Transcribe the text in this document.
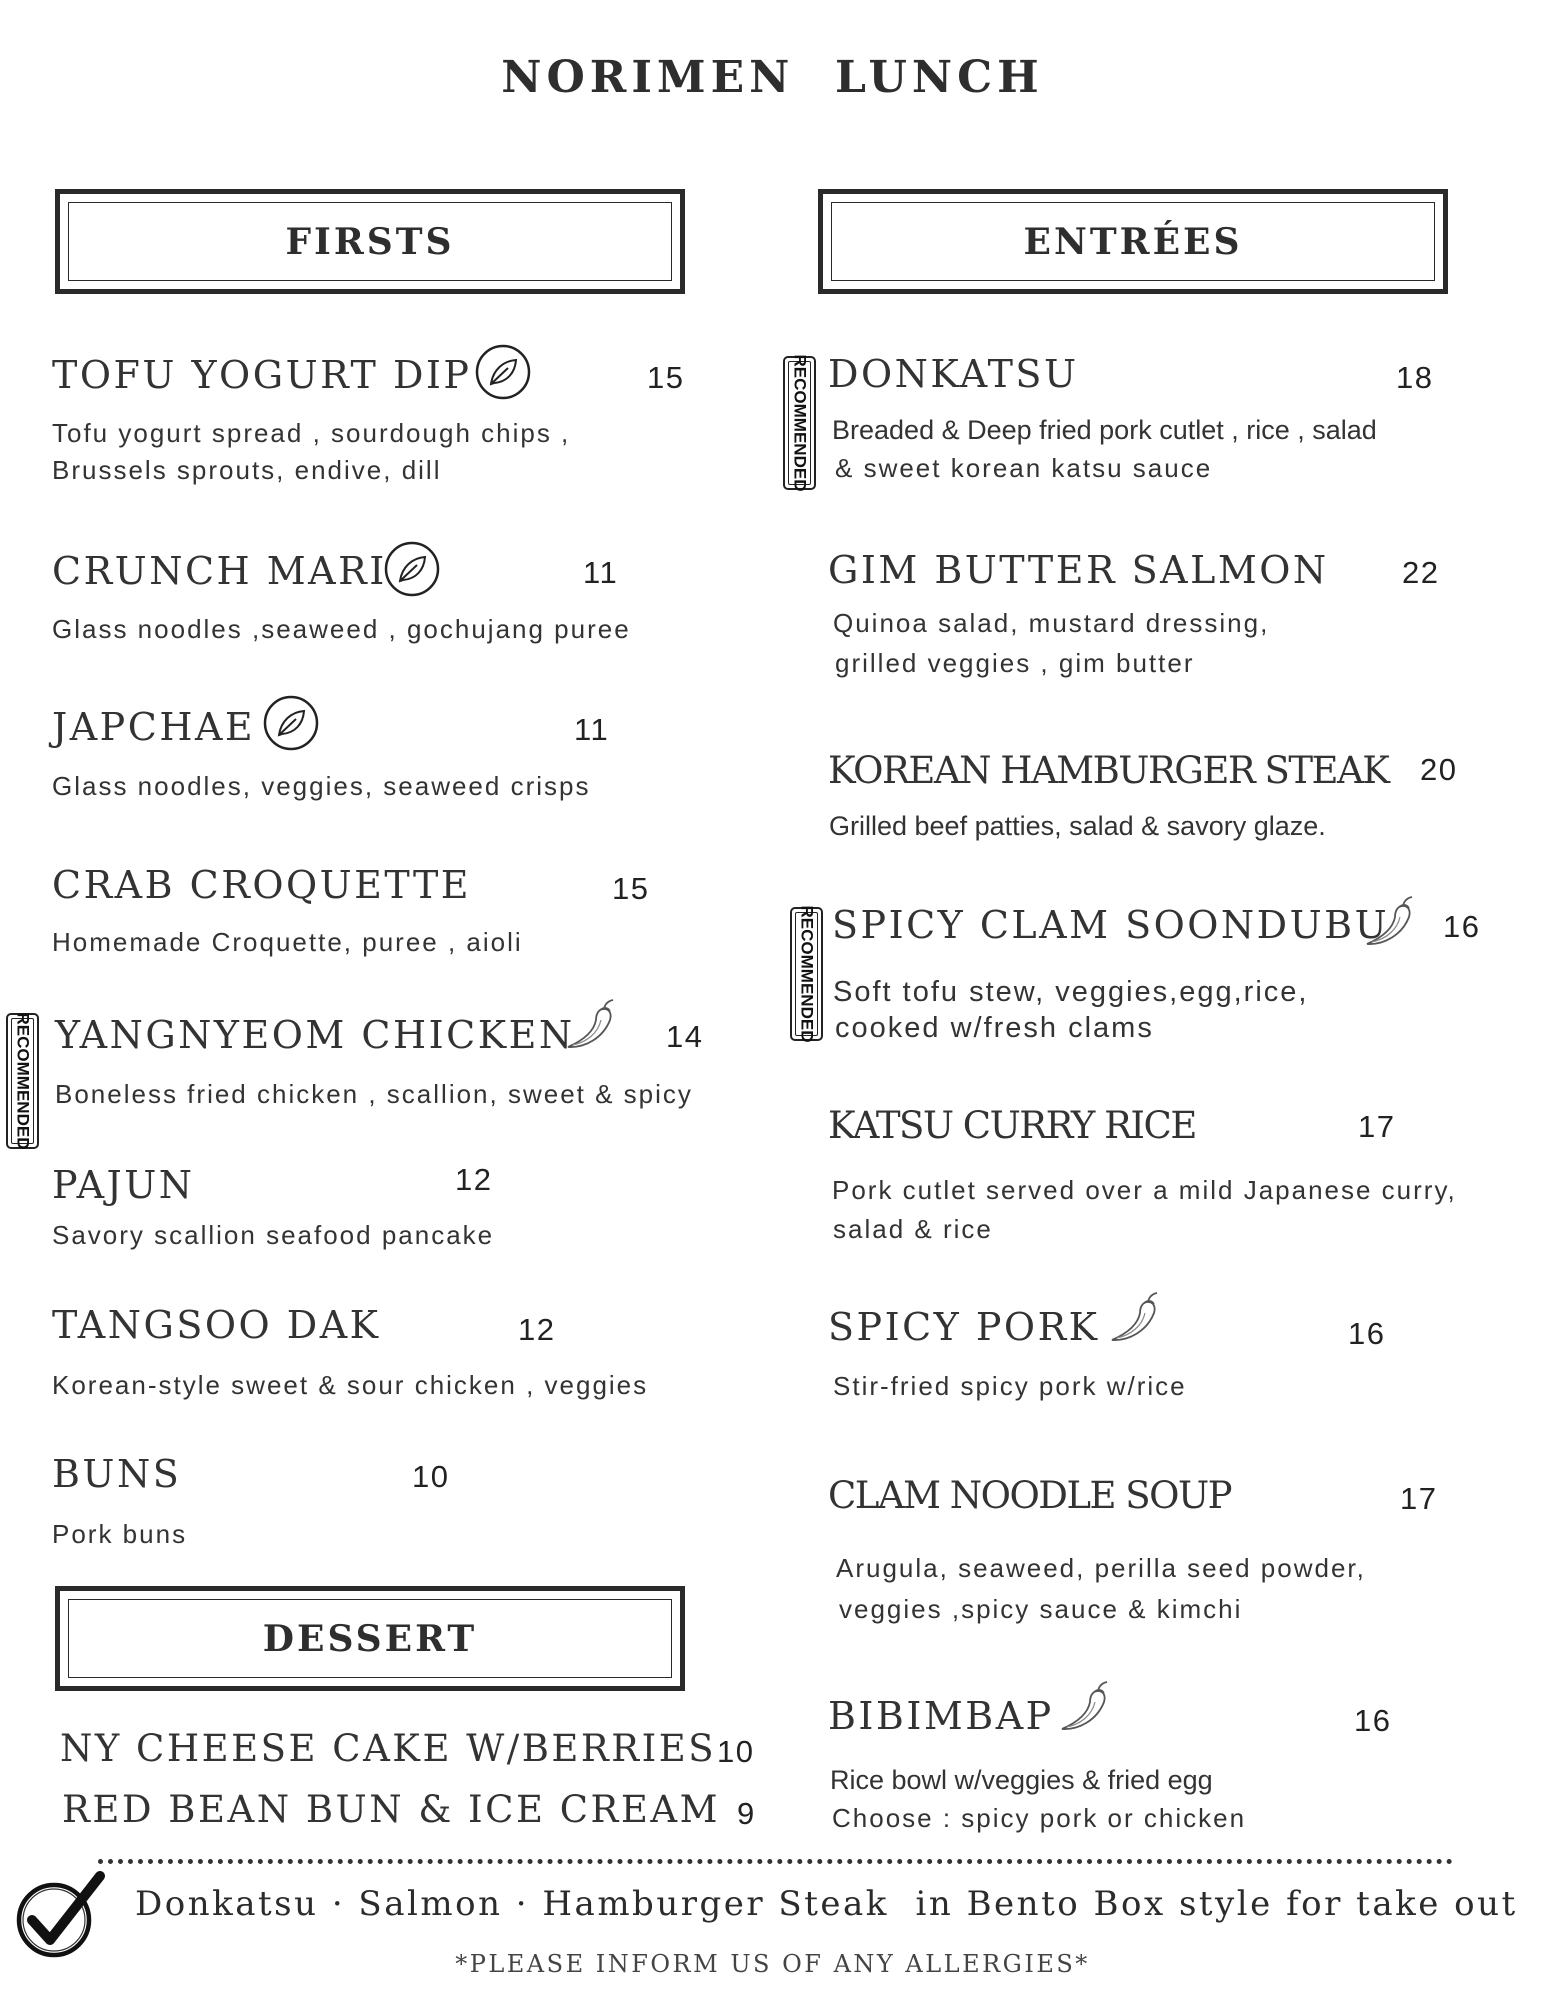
NORIMEN  LUNCH
FIRSTS	ENTRÉES
DESSERT
TOFU YOGURT DIP	15
Tofu yogurt spread , sourdough chips ,
Brussels sprouts, endive, dill
CRUNCH MARI	11
Glass noodles ,seaweed , gochujang puree
JAPCHAE	11
Glass noodles, veggies, seaweed crisps
CRAB CROQUETTE	15
Homemade Croquette, puree , aioli
RECOMMENDED YANGNYEOM CHICKEN	14
Boneless fried chicken , scallion, sweet & spicy
PAJUN	12
Savory scallion seafood pancake
TANGSOO DAK	12
Korean-style sweet & sour chicken , veggies
BUNS	10
Pork buns
NY CHEESE CAKE W/BERRIES 10
RED BEAN BUN & ICE CREAM 9
RECOMMENDED DONKATSU	18
Breaded & Deep fried pork cutlet , rice , salad
& sweet korean katsu sauce
GIM BUTTER SALMON 22
Quinoa salad, mustard dressing,
grilled veggies , gim butter
KOREAN HAMBURGER STEAK 20
Grilled beef patties, salad & savory glaze.
RECOMMENDED SPICY CLAM SOONDUBU 16
Soft tofu stew, veggies,egg,rice,
cooked w/fresh clams
KATSU CURRY RICE	17
Pork cutlet served over a mild Japanese curry,
salad & rice
SPICY PORK	16
Stir-fried spicy pork w/rice
CLAM NOODLE SOUP	17
Arugula, seaweed, perilla seed powder,
veggies ,spicy sauce & kimchi
BIBIMBAP	16
Rice bowl w/veggies & fried egg
Choose : spicy pork or chicken
Donkatsu · Salmon · Hamburger Steak  in Bento Box style for take out
*PLEASE INFORM US OF ANY ALLERGIES*
